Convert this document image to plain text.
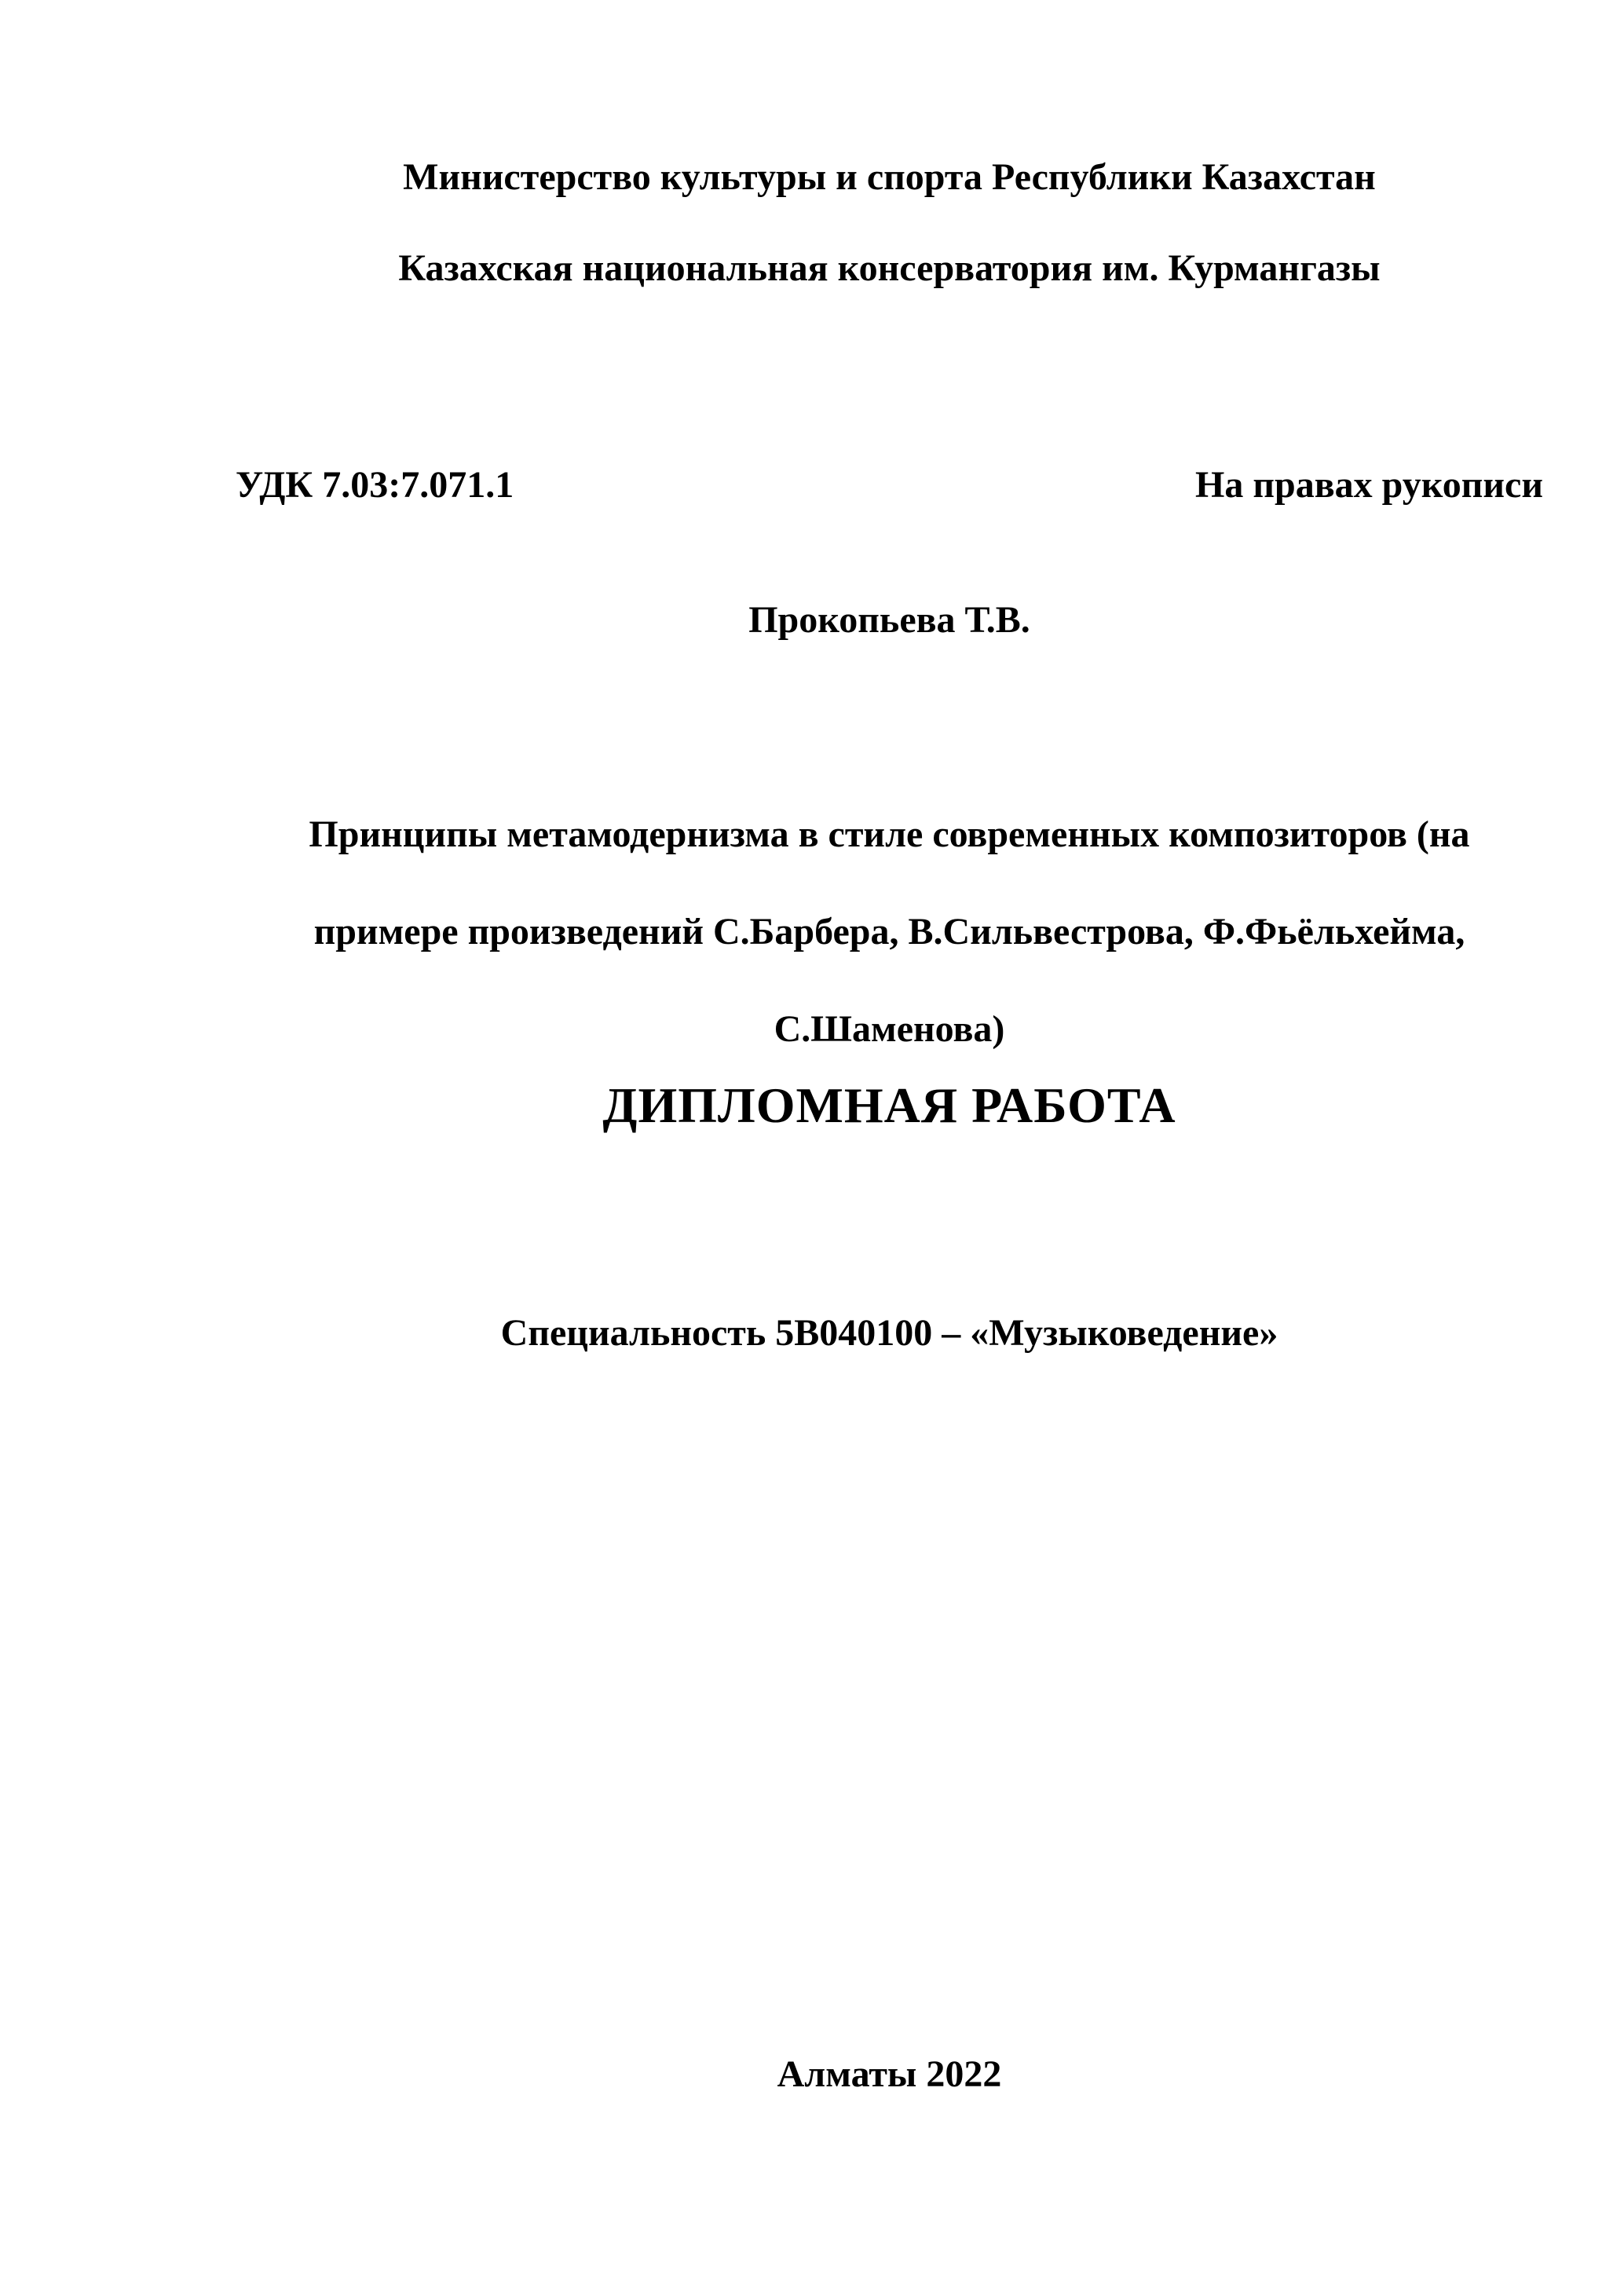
Министерство культуры и спорта Республики Казахстан
Казахская национальная консерватория им. Курмангазы
УДК 7.03:7.071.1	На правах рукописи
Прокопьева Т.В.

Принципы метамодернизма в стиле современных композиторов (на

примере произведений С.Барбера, В.Сильвестрова, Ф.Фьёльхейма,

С.Шаменова)

ДИПЛОМНАЯ РАБОТА
Специальность 5В040100 – «Музыковедение»
Алматы 2022
